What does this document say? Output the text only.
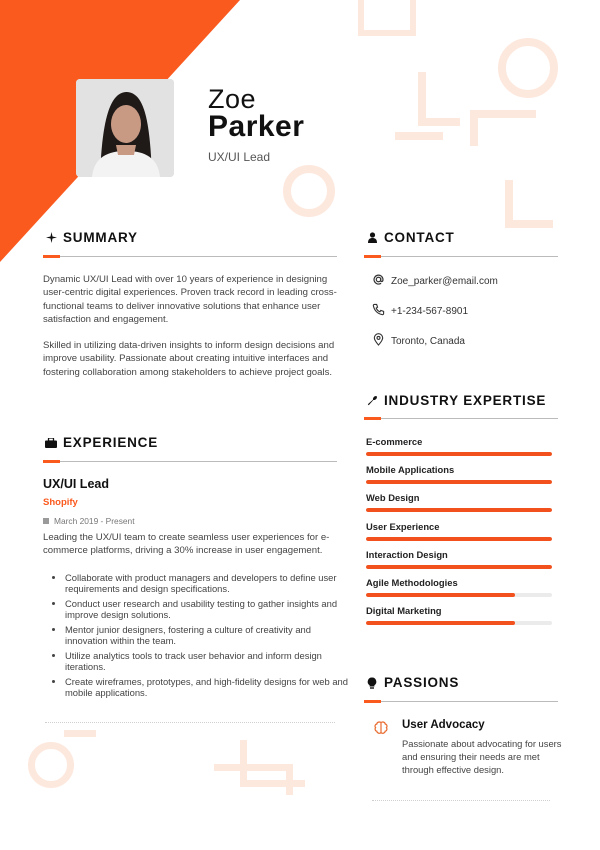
Zoe
Parker
UX/UI Lead
SUMMARY

Dynamic UX/UI Lead with over 10 years of experience in designing user-centric digital experiences. Proven track record in leading cross-functional teams to deliver innovative solutions that enhance user satisfaction and engagement.

Skilled in utilizing data-driven insights to inform design decisions and improve usability. Passionate about creating intuitive interfaces and fostering collaboration among stakeholders to achieve project goals.

EXPERIENCE
UX/UI Lead
Shopify
March 2019 - Present

Leading the UX/UI team to create seamless user experiences for e-commerce platforms, driving a 30% increase in user engagement.

• Collaborate with product managers and developers to define user requirements and design specifications.
• Conduct user research and usability testing to gather insights and improve design solutions.
• Mentor junior designers, fostering a culture of creativity and innovation within the team.
• Utilize analytics tools to track user behavior and inform design iterations.
• Create wireframes, prototypes, and high-fidelity designs for web and mobile applications.
CONTACT
Zoe_parker@email.com
+1-234-567-8901
Toronto, Canada
INDUSTRY EXPERTISE
E-commerce
Mobile Applications
Web Design
User Experience
Interaction Design
Agile Methodologies
Digital Marketing
PASSIONS
User Advocacy

Passionate about advocating for users and ensuring their needs are met through effective design.
